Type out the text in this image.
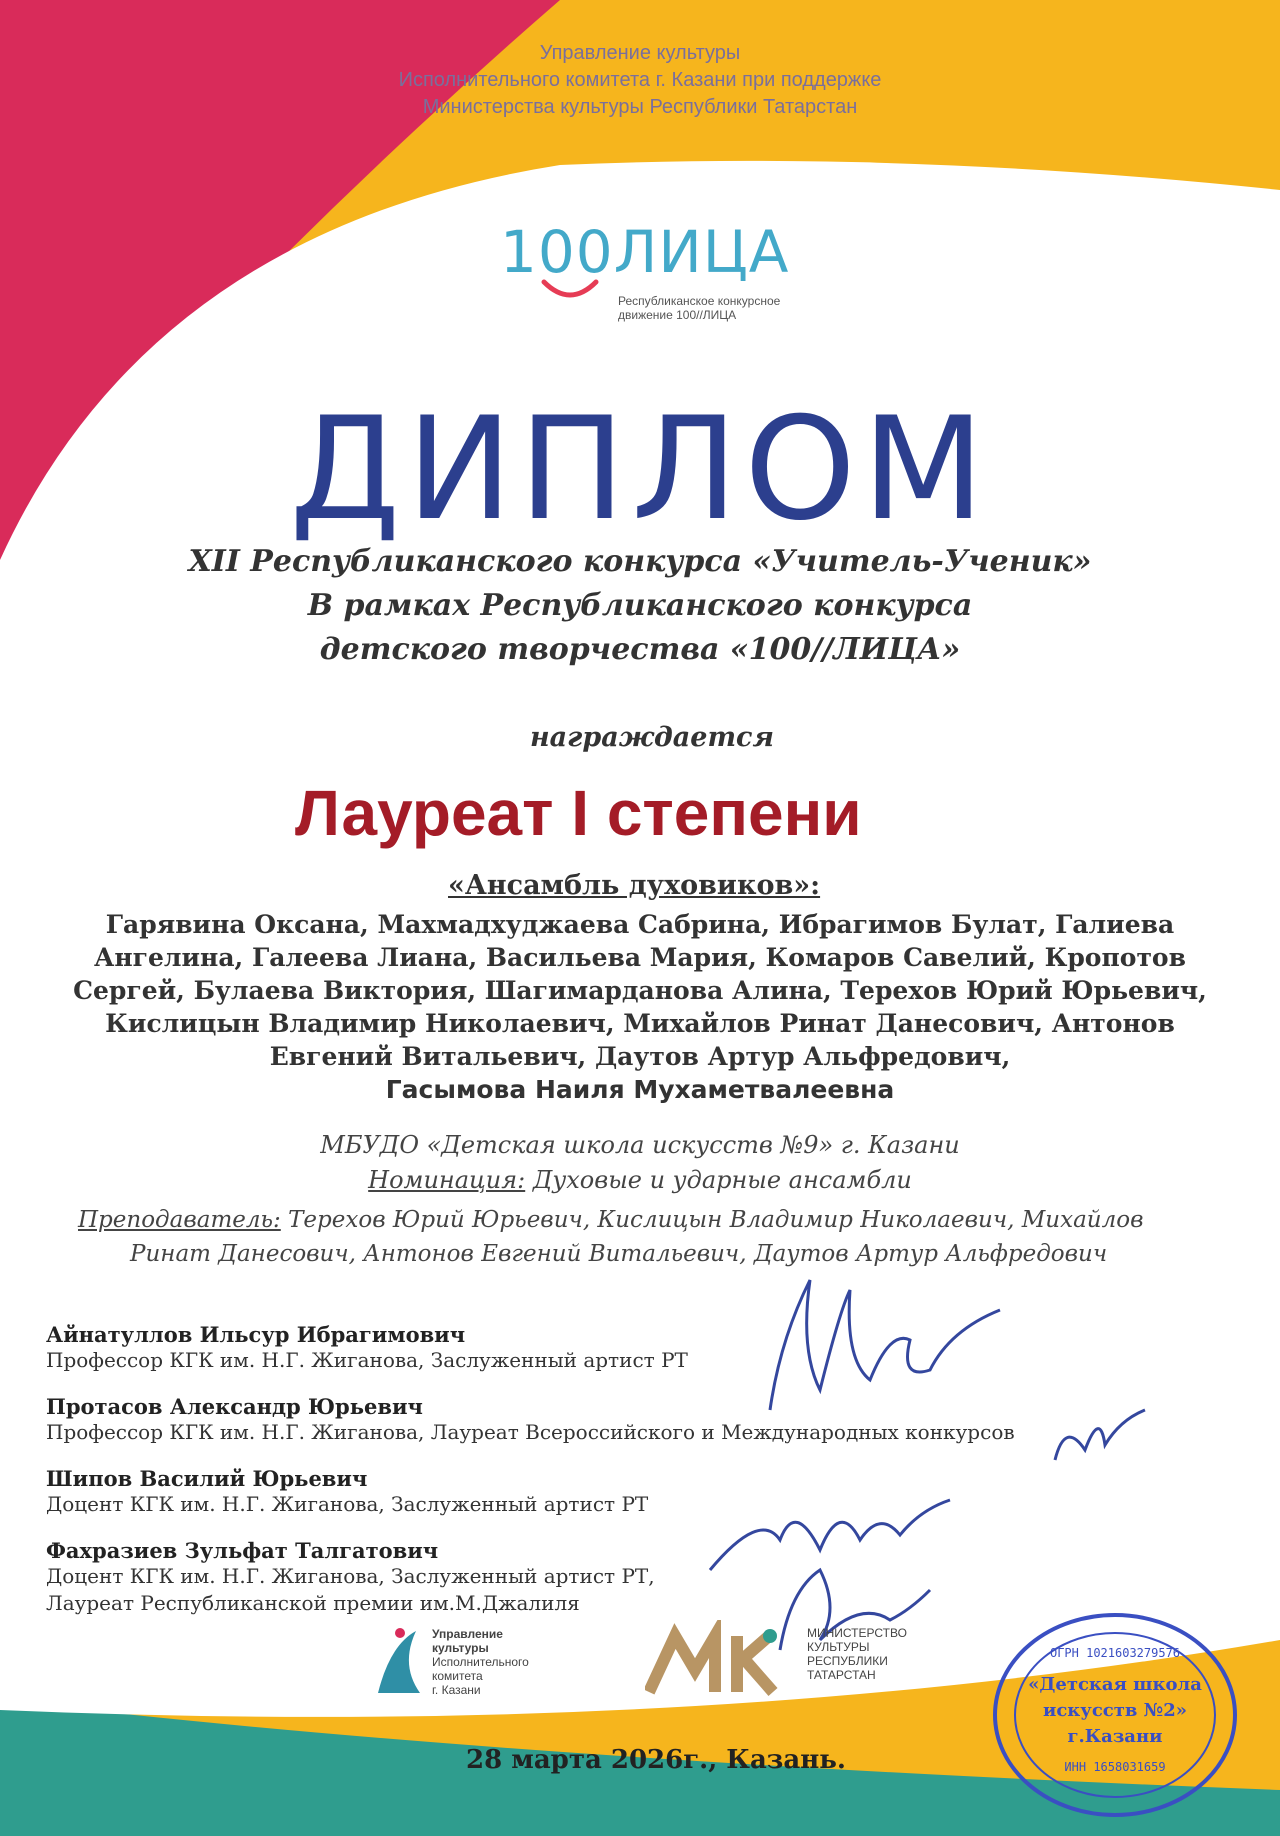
Управление культуры
Исполнительного комитета г. Казани при поддержке
Министерства культуры Республики Татарстан
100ЛИЦА
Республиканское конкурсное
движение 100//ЛИЦА
ДИПЛОМ
XII Республиканского конкурса «Учитель-Ученик»
В рамках Республиканского конкурса
детского творчества «100//ЛИЦА»
награждается
Лауреат I степени
«Ансамбль духовиков»:
Гарявина Оксана, Махмадхуджаева Сабрина, Ибрагимов Булат, Галиева
Ангелина, Галеева Лиана, Васильева Мария, Комаров Савелий, Кропотов
Сергей, Булаева Виктория, Шагимарданова Алина, Терехов Юрий Юрьевич,
Кислицын Владимир Николаевич, Михайлов Ринат Данесович, Антонов
Евгений Витальевич, Даутов Артур Альфредович,
Гасымова Наиля Мухаметвалеевна
МБУДО «Детская школа искусств №9» г. Казани
Номинация: Духовые и ударные ансамбли
Преподаватель: Терехов Юрий Юрьевич, Кислицын Владимир Николаевич, Михайлов
Ринат Данесович, Антонов Евгений Витальевич, Даутов Артур Альфредович
Айнатуллов Ильсур Ибрагимович
Профессор КГК им. Н.Г. Жиганова, Заслуженный артист РТ
Протасов Александр Юрьевич
Профессор КГК им. Н.Г. Жиганова, Лауреат Всероссийского и Международных конкурсов
Шипов Василий Юрьевич
Доцент КГК им. Н.Г. Жиганова, Заслуженный артист РТ
Фахразиев Зульфат Талгатович
Доцент КГК им. Н.Г. Жиганова, Заслуженный артист РТ,
Лауреат Республиканской премии им.М.Джалиля
Управление
культуры
Исполнительного
комитета
г. Казани
МИНИСТЕРСТВО
КУЛЬТУРЫ
РЕСПУБЛИКИ
ТАТАРСТАН
ОГРН 1021603279576
«Детская школа
искусств №2»
г.Казани
ИНН 1658031659
28 марта 2026г., Казань.
